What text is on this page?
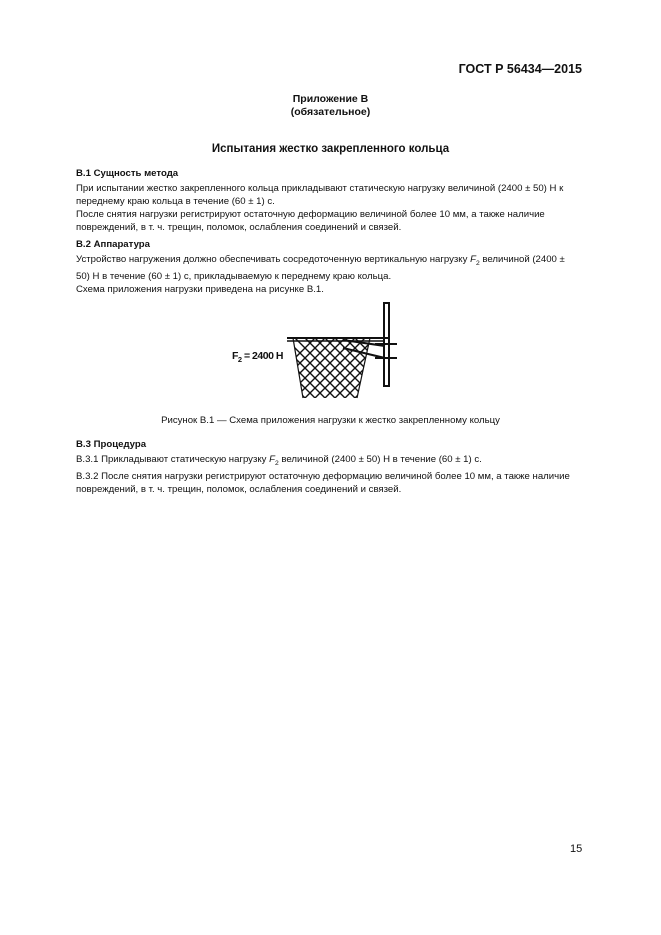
ГОСТ Р 56434—2015
Приложение В
(обязательное)
Испытания жестко закрепленного кольца

В.1 Сущность метода

При испытании жестко закрепленного кольца прикладывают статическую нагрузку величиной (2400 ± 50) Н к переднему краю кольца в течение (60 ± 1) с.

После снятия нагрузки регистрируют остаточную деформацию величиной более 10 мм, а также наличие повреждений, в т. ч. трещин, поломок, ослабления соединений и связей.

В.2 Аппаратура

Устройство нагружения должно обеспечивать сосредоточенную вертикальную нагрузку $F_2$ величиной (2400 ± 50) Н в течение (60 ± 1) с, прикладываемую к переднему краю кольца.

Схема приложения нагрузки приведена на рисунке В.1.

$F_2 = 2400$ Н
Рисунок В.1 — Схема приложения нагрузки к жестко закрепленному кольцу

В.3 Процедура

В.3.1 Прикладывают статическую нагрузку $F_2$ величиной (2400 ± 50) Н в течение (60 ± 1) с.

В.3.2 После снятия нагрузки регистрируют остаточную деформацию величиной более 10 мм, а также наличие повреждений, в т. ч. трещин, поломок, ослабления соединений и связей.

15
